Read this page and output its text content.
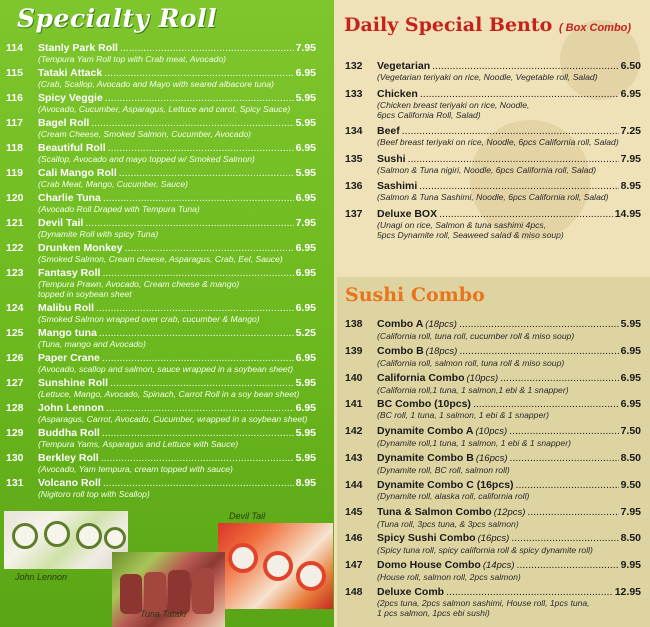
Specialty Roll
114	Stanly Park Roll .....	7.95
(Tempura Yam Roll top with Crab meat, Avocado)
115	Tataki Attack .....	6.95
(Crab, Scallop, Avocado and Mayo with seared albacore tuna)
116	Spicy Veggie .....	5.95
(Avocado, Cucumber, Asparagus, Lettuce and carot, Spicy Sauce)
117	Bagel Roll .....	5.95
(Cream Cheese, Smoked Salmon, Cucumber, Avocado)
118	Beautiful Roll .....	6.95
(Scallop, Avocado and mayo topped w/ Smoked Salmon)
119	Cali Mango Roll .....	5.95
(Crab Meat, Mango, Cucumber, Sauce)
120	Charlie Tuna .....	6.95
(Avocado Roll Draped with Tempura Tuna)
121	Devil Tail .....	7.95
(Dynamite Roll with spicy Tuna)
122	Drunken Monkey .....	6.95
(Smoked Salmon, Cream cheese, Asparagus, Crab, Eel, Sauce)
123	Fantasy Roll .....	6.95
(Tempura Prawn, Avocado, Cream cheese & mango)
topped in soybean sheet
124	Malibu Roll .....	6.95
(Smoked Salmon wrapped over crab, cucumber & Mango)
125	Mango tuna .....	5.25
(Tuna, mango and Avocado)
126	Paper Crane .....	6.95
(Avocado, scallop and salmon, sauce wrapped in a soybean sheet)
127	Sunshine Roll .....	5.95
(Lettuce, Mango, Avocado, Spinach, Carrot Roll in a soy bean sheet)
128	John Lennon .....	6.95
(Asparagus, Carrot, Avocado, Cucumber, wrapped in a soybean sheet)
129	Buddha Roll .....	5.95
(Tempura Yams, Asparagus and Lettuce with Sauce)
130	Berkley Roll .....	5.95
(Avocado, Yam tempura, cream topped with sauce)
131	Volcano Roll .....	8.95
(Nigitoro roll top with Scallop)
John Lennon
Tuna Tataki
Devil Tail
Daily Special Bento ( Box Combo)
132	Vegetarian .....	6.50
(Vegetarian teriyaki on rice, Noodle, Vegetable roll, Salad)
133	Chicken .....	6.95
(Chicken breast teriyaki on rice, Noodle,
6pcs California Roll, Salad)
134	Beef .....	7.25
(Beef breast teriyaki on rice, Noodle, 6pcs California roll, Salad)
135	Sushi .....	7.95
(Salmon & Tuna nigiri, Noodle, 6pcs California roll, Salad)
136	Sashimi .....	8.95
(Salmon & Tuna Sashimi, Noodle, 6pcs California roll, Salad)
137	Deluxe BOX .....	14.95
(Unagi on rice, Salmon & tuna sashimi 4pcs,
5pcs Dynamite roll, Seaweed salad & miso soup)
Sushi Combo
138	Combo A (18pcs) .....	5.95
(California roll, tuna roll, cucumber roll & miso soup)
139	Combo B (18pcs) .....	6.95
(California roll, salmon roll, tuna roll & miso soup)
140	California Combo (10pcs) .....	6.95
(California roll,1 tuna, 1 salmon,1 ebi & 1 snapper)
141	BC Combo (10pcs) .....	6.95
(BC roll, 1 tuna, 1 salmon, 1 ebi & 1 snapper)
142	Dynamite Combo A (10pcs) .....	7.50
(Dynamite roll,1 tuna, 1 salmon, 1 ebi & 1 snapper)
143	Dynamite Combo B (16pcs) .....	8.50
(Dynamite roll, BC roll, salmon roll)
144	Dynamite Combo C (16pcs) .....	9.50
(Dynamite roll, alaska roll, california roll)
145	Tuna & Salmon Combo (12pcs) .....	7.95
(Tuna roll, 3pcs tuna, & 3pcs salmon)
146	Spicy Sushi Combo (16pcs) .....	8.50
(Spicy tuna roll, spicy california roll & spicy dynamite roll)
147	Domo House Combo (14pcs) .....	9.95
(House roll, salmon roll, 2pcs salmon)
148	Deluxe Comb .....	12.95
(2pcs tuna, 2pcs salmon sashimi, House roll, 1pcs tuna,
1 pcs salmon, 1pcs ebi sushi)
